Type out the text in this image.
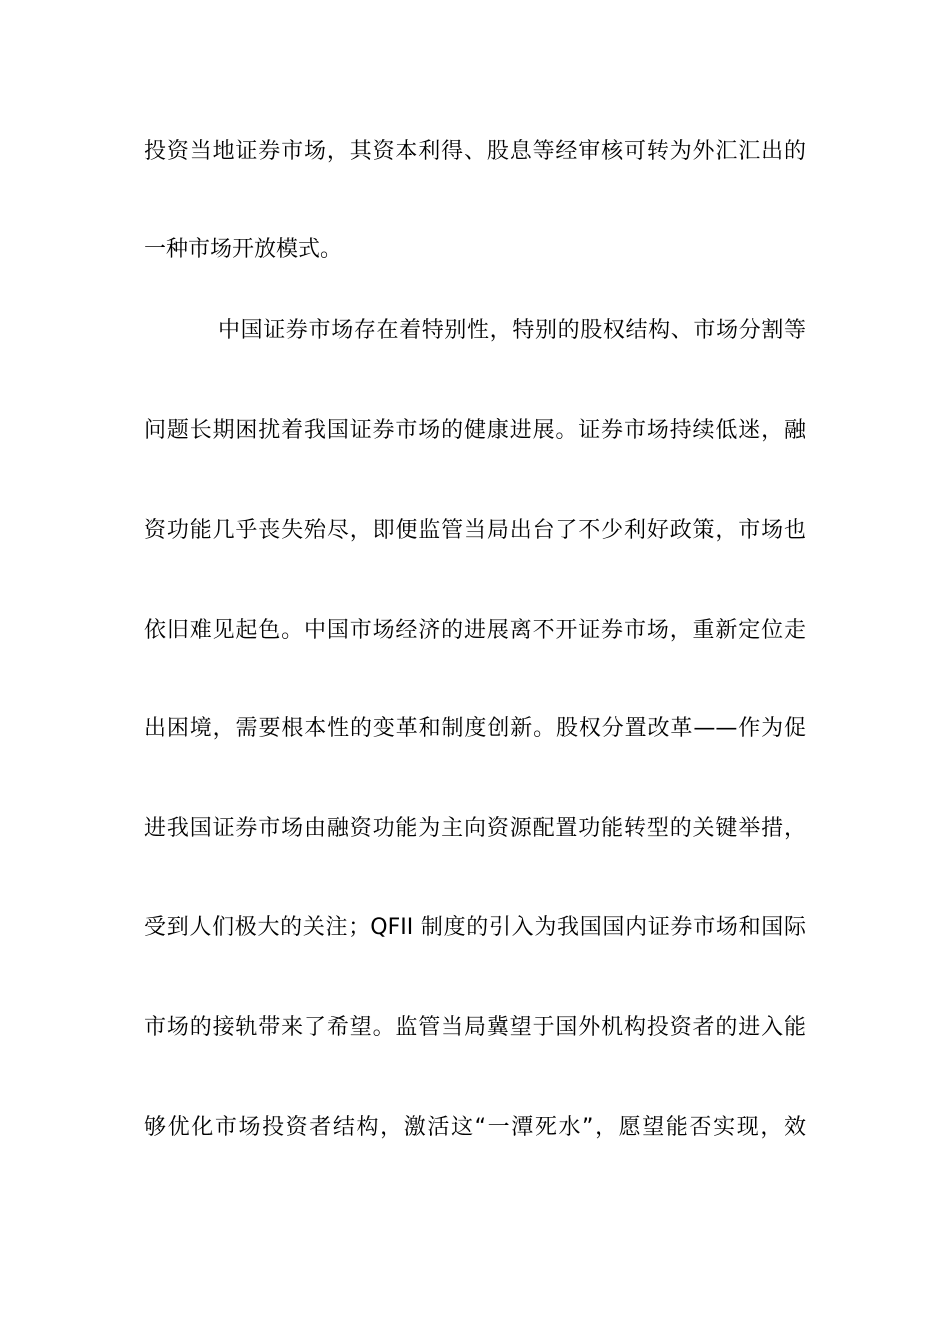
投资当地证券市场，其资本利得、股息等经审核可转为外汇汇出的
一种市场开放模式。
中国证券市场存在着特别性，特别的股权结构、市场分割等
问题长期困扰着我国证券市场的健康进展。证券市场持续低迷，融
资功能几乎丧失殆尽，即便监管当局出台了不少利好政策，市场也
依旧难见起色。中国市场经济的进展离不开证券市场，重新定位走
出困境，需要根本性的变革和制度创新。股权分置改革——作为促
进我国证券市场由融资功能为主向资源配置功能转型的关键举措，
受到人们极大的关注；QFII 制度的引入为我国国内证券市场和国际
市场的接轨带来了希望。监管当局冀望于国外机构投资者的进入能
够优化市场投资者结构，激活这“一潭死水”，愿望能否实现，效
